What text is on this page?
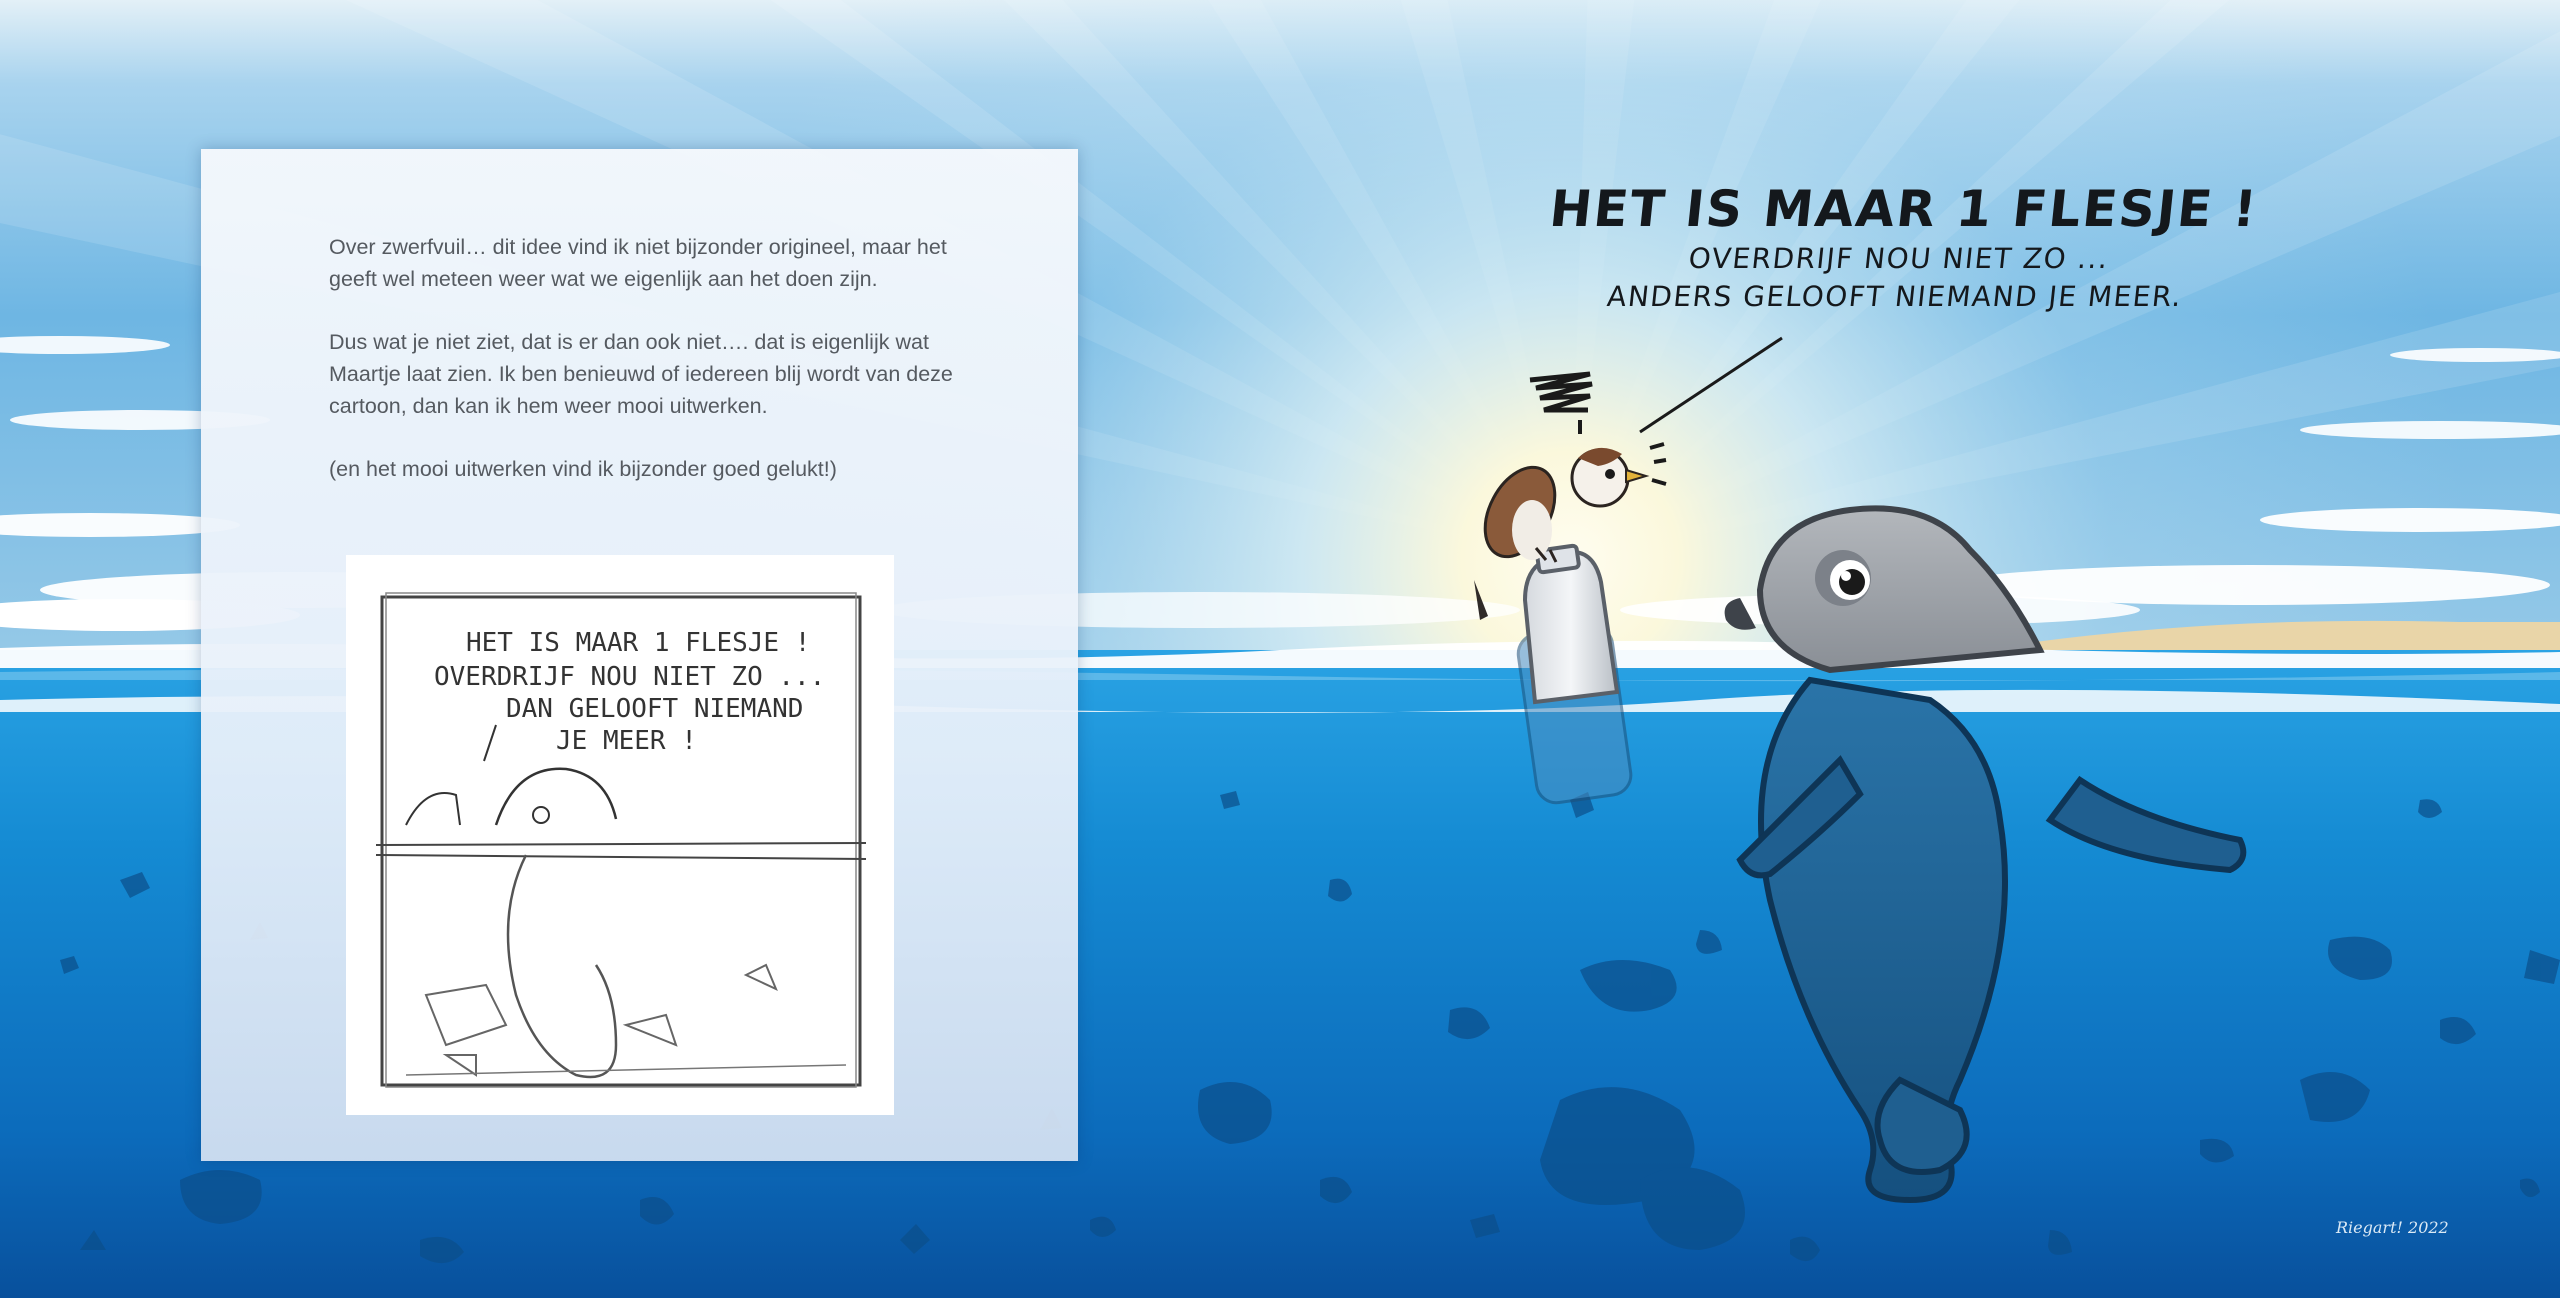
Over zwerfvuil… dit idee vind ik niet bijzonder origineel, maar het geeft wel meteen weer wat we eigenlijk aan het doen zijn.

Dus wat je niet ziet, dat is er dan ook niet…. dat is eigenlijk wat Maartje laat zien. Ik ben benieuwd of iedereen blij wordt van deze cartoon, dan kan ik hem weer mooi uitwerken.

(en het mooi uitwerken vind ik bijzonder goed gelukt!)

HET IS MAAR 1 FLESJE !
OVERDRIJF NOU NIET ZO ...
DAN GELOOFT NIEMAND
JE MEER !
HET IS MAAR 1 FLESJE !
OVERDRIJF NOU NIET ZO ...
ANDERS GELOOFT NIEMAND JE MEER.
Riegart! 2022
